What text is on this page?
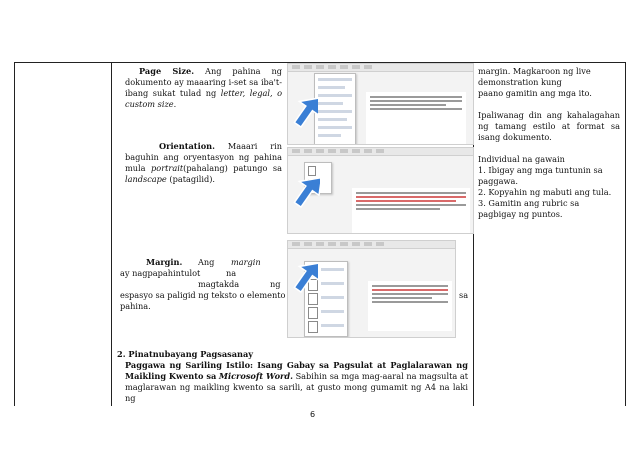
Page Size. Ang pahina ng
dokumento ay maaaring i-set sa iba't-
ibang sukat tulad ng letter, legal, o
custom size.
Orientation. Maaari rin
baguhin ang oryentasyon ng pahina
mula portrait(pahalang) patungo sa
landscape (patagilid).
Margin. Ang margin
ay nagpapahintulot	na
magtakda	ng
espasyo sa paligid ng teksto o elemento
pahina.
sa
2. Pinatnubayang Pagsasanay
Paggawa ng Sariling Istilo: Isang Gabay sa Pagsulat at Paglalarawan ng
Maikling Kwento sa Microsoft Word. Sabihin sa mga mag-aaral na magsulta at
maglarawan ng maikling kwento sa sarili, at gusto mong gumamit ng A4 na laki ng
margin. Magkaroon ng live
demonstration kung
paano gamitin ang mga ito.
Ipaliwanag din ang kahalagahan
ng tamang estilo at format sa
isang dokumento.
Individual na gawain
1. Ibigay ang mga tuntunin sa
paggawa.
2. Kopyahin ng mabuti ang tula.
3. Gamitin ang rubric sa
pagbigay ng puntos.
6
